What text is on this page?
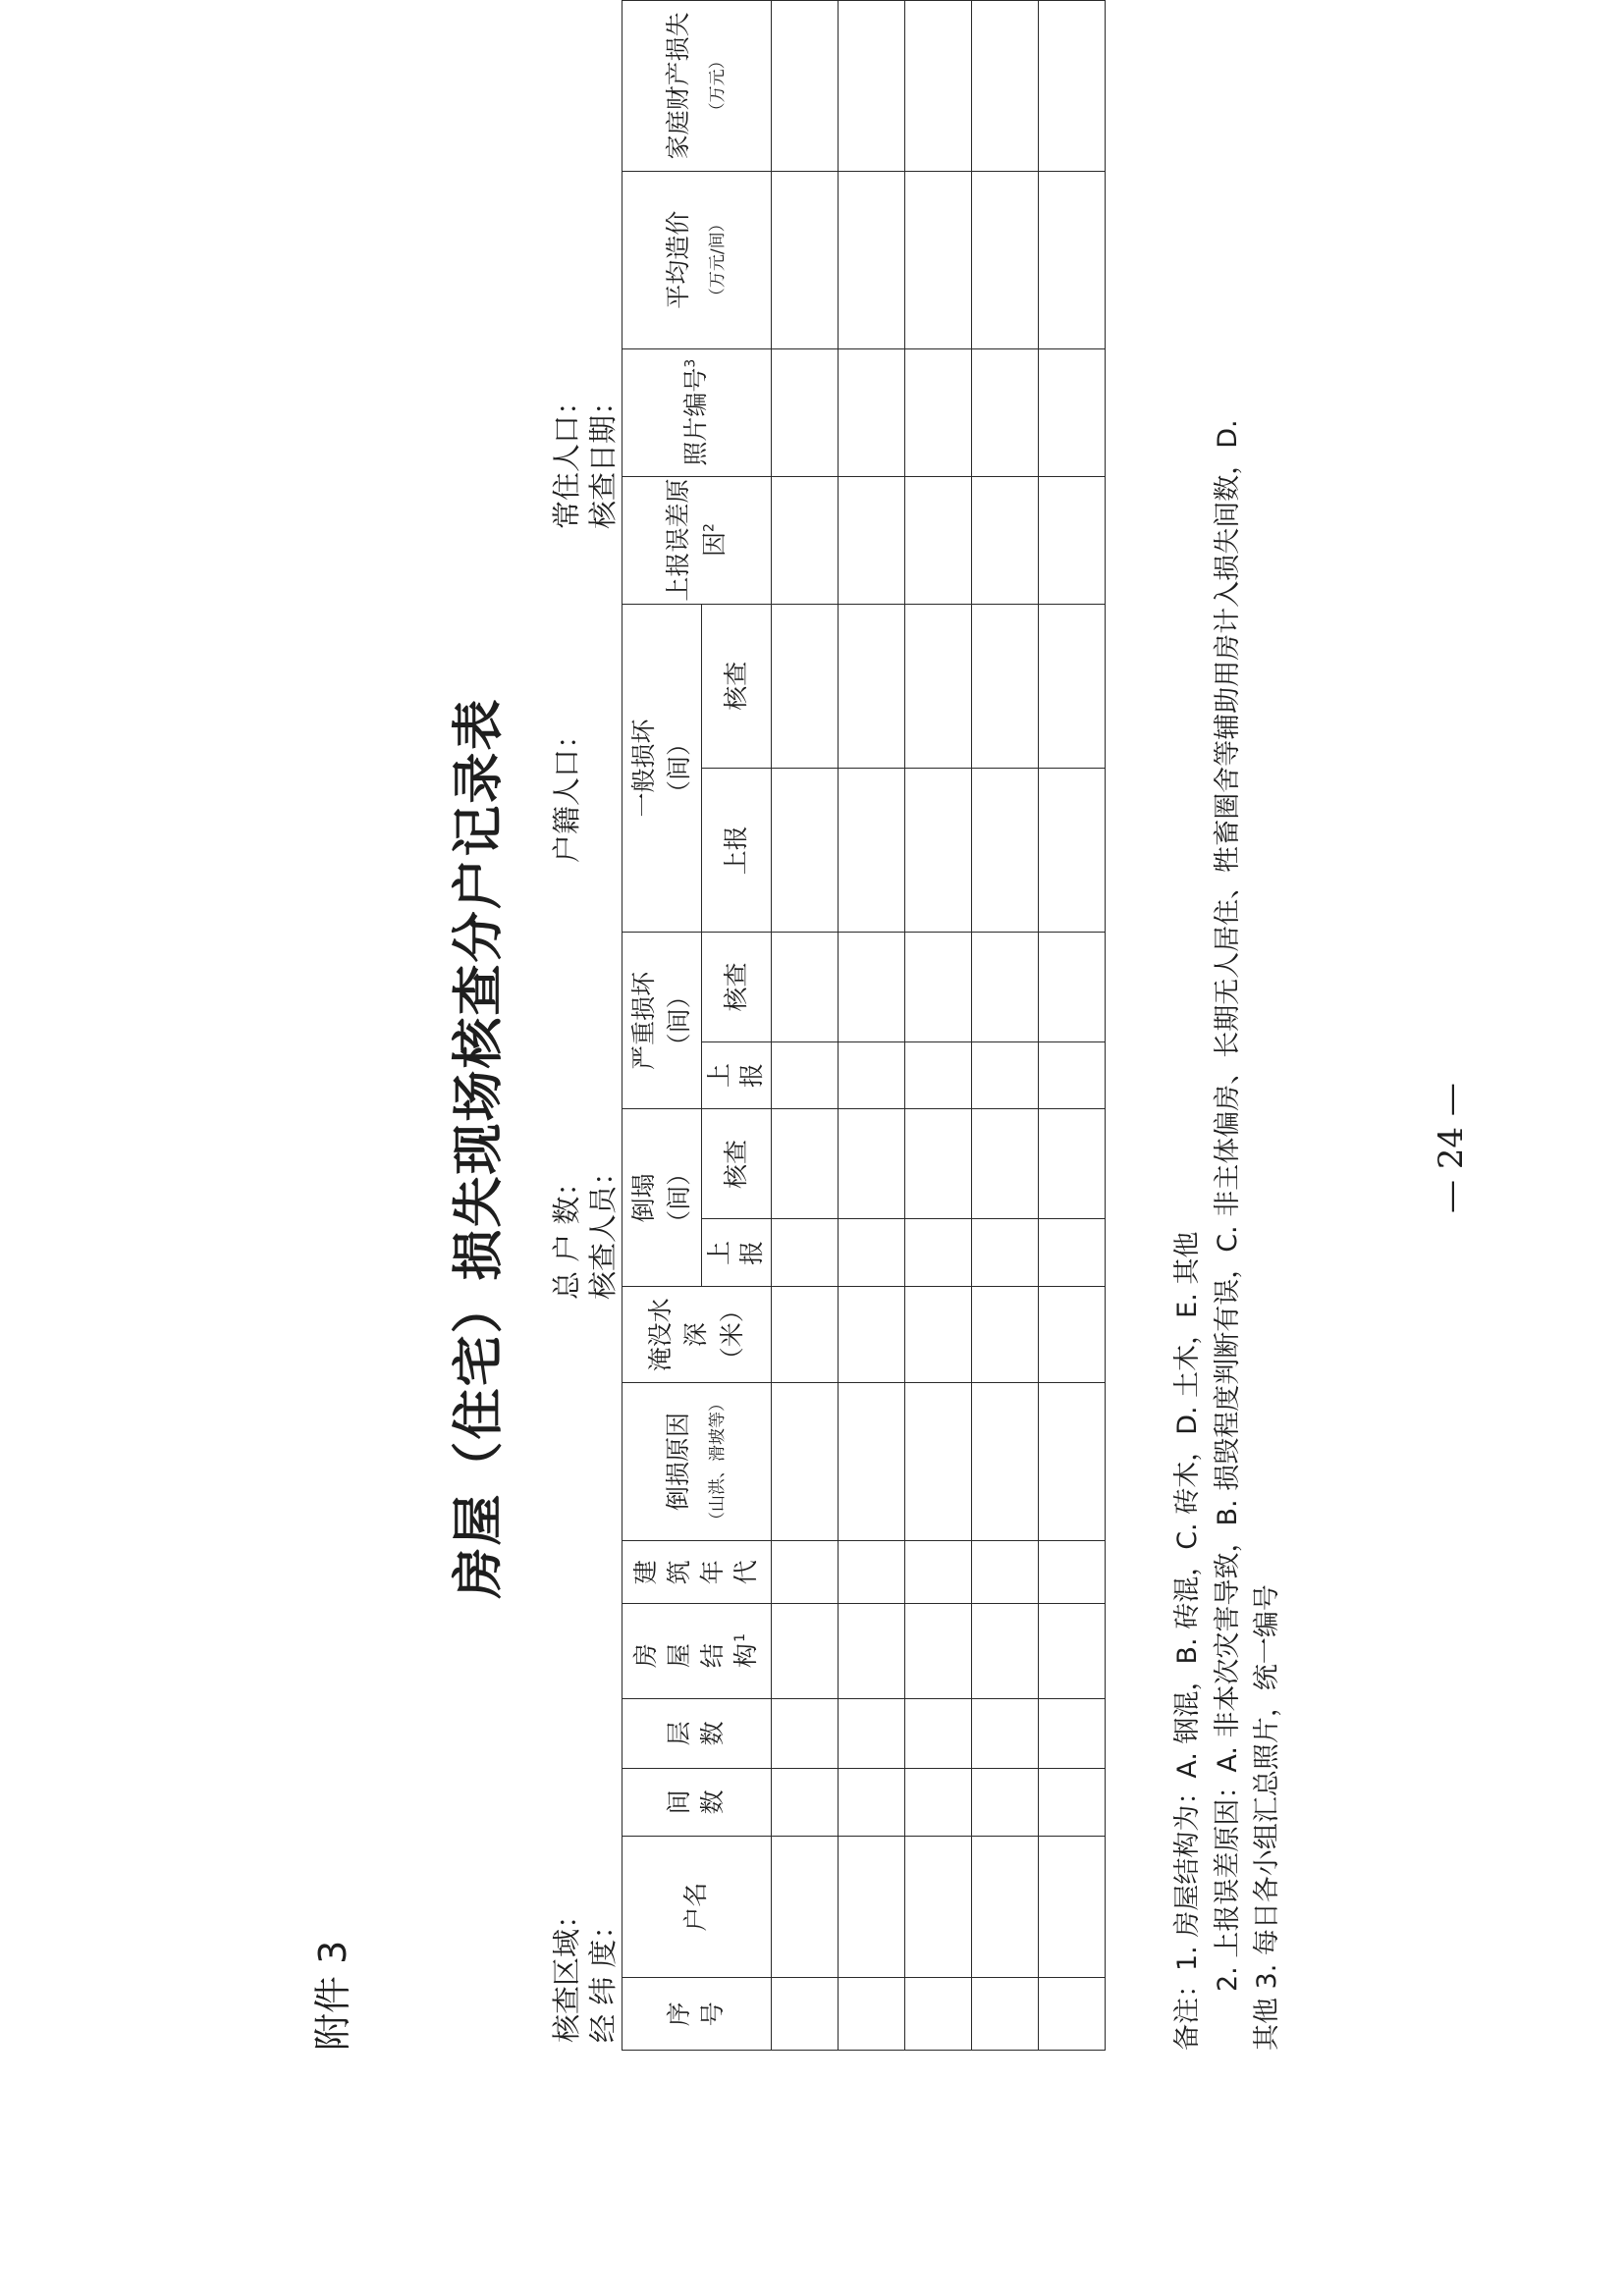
附件 3
房屋（住宅）损失现场核查分户记录表
核查区域： 经 纬 度：
总 户 数： 核查人员：
户籍人口：
常住人口： 核查日期：
序号	户名	间数	层数	房屋结构$^1$	建筑年代	倒损原因 （山洪、滑坡等）	淹没水深 （米）	倒塌 （间）		严重损坏 （间）		一般损坏 （间）		上报误差原因$^2$	照片编号$^3$	平均造价 （万元/间）	家庭财产损失 （万元）
								上报	核查	上报	核查	上报	核查				

备注：1. 房屋结构为：A. 钢混，B. 砖混，C. 砖木，D. 土木，E. 其他 2. 上报误差原因：A. 非本次灾害导致，B. 损毁程度判断有误，C. 非主体偏房、长期无人居住、牲畜圈舍等辅助用房计入损失间数，D. 其他 3. 每日各小组汇总照片，统一编号
— 24 —
